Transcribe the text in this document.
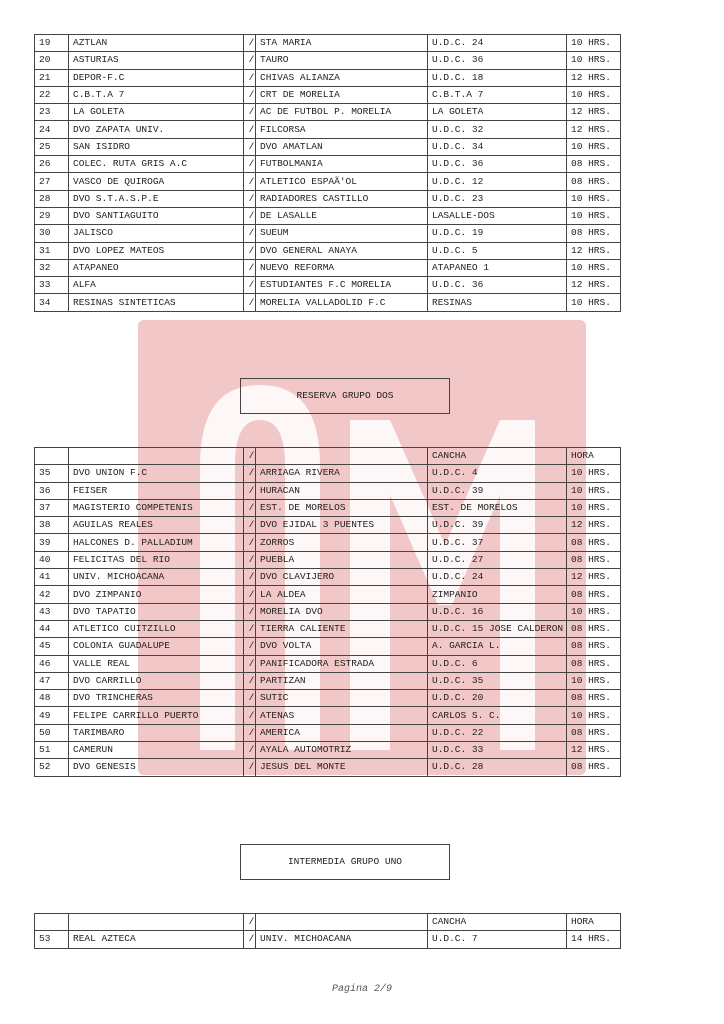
19	AZTLAN	/	STA MARIA	U.D.C. 24	10 HRS.
20	ASTURIAS	/	TAURO	U.D.C. 36	10 HRS.
21	DEPOR-F.C	/	CHIVAS ALIANZA	U.D.C. 18	12 HRS.
22	C.B.T.A 7	/	CRT DE MORELIA	C.B.T.A 7	10 HRS.
23	LA GOLETA	/	AC DE FUTBOL P. MORELIA	LA GOLETA	12 HRS.
24	DVO ZAPATA UNIV.	/	FILCORSA	U.D.C. 32	12 HRS.
25	SAN ISIDRO	/	DVO AMATLAN	U.D.C. 34	10 HRS.
26	COLEC. RUTA GRIS A.C	/	FUTBOLMANIA	U.D.C. 36	08 HRS.
27	VASCO DE QUIROGA	/	ATLETICO ESPAÃ'OL	U.D.C. 12	08 HRS.
28	DVO S.T.A.S.P.E	/	RADIADORES CASTILLO	U.D.C. 23	10 HRS.
29	DVO SANTIAGUITO	/	DE LASALLE	LASALLE-DOS	10 HRS.
30	JALISCO	/	SUEUM	U.D.C. 19	08 HRS.
31	DVO LOPEZ MATEOS	/	DVO GENERAL ANAYA	U.D.C. 5	12 HRS.
32	ATAPANEO	/	NUEVO REFORMA	ATAPANEO 1	10 HRS.
33	ALFA	/	ESTUDIANTES F.C MORELIA	U.D.C. 36	12 HRS.
34	RESINAS SINTETICAS	/	MORELIA VALLADOLID F.C	RESINAS	10 HRS.
RESERVA GRUPO DOS
		/		CANCHA	HORA
35	DVO UNION F.C	/	ARRIAGA RIVERA	U.D.C. 4	10 HRS.
36	FEISER	/	HURACAN	U.D.C. 39	10 HRS.
37	MAGISTERIO COMPETENIS	/	EST. DE MORELOS	EST. DE MORELOS	10 HRS.
38	AGUILAS REALES	/	DVO EJIDAL 3 PUENTES	U.D.C. 39	12 HRS.
39	HALCONES D. PALLADIUM	/	ZORROS	U.D.C. 37	08 HRS.
40	FELICITAS DEL RIO	/	PUEBLA	U.D.C. 27	08 HRS.
41	UNIV. MICHOACANA	/	DVO CLAVIJERO	U.D.C. 24	12 HRS.
42	DVO ZIMPANIO	/	LA ALDEA	ZIMPANIO	08 HRS.
43	DVO TAPATIO	/	MORELIA DVO	U.D.C. 16	10 HRS.
44	ATLETICO CUITZILLO	/	TIERRA CALIENTE	U.D.C. 15 JOSE CALDERON	08 HRS.
45	COLONIA GUADALUPE	/	DVO VOLTA	A. GARCIA L.	08 HRS.
46	VALLE REAL	/	PANIFICADORA ESTRADA	U.D.C. 6	08 HRS.
47	DVO CARRILLO	/	PARTIZAN	U.D.C. 35	10 HRS.
48	DVO TRINCHERAS	/	SUTIC	U.D.C. 20	08 HRS.
49	FELIPE CARRILLO PUERTO	/	ATENAS	CARLOS S. C.	10 HRS.
50	TARIMBARO	/	AMERICA	U.D.C. 22	08 HRS.
51	CAMERUN	/	AYALA AUTOMOTRIZ	U.D.C. 33	12 HRS.
52	DVO GENESIS	/	JESUS DEL MONTE	U.D.C. 28	08 HRS.
INTERMEDIA GRUPO UNO
		/		CANCHA	HORA
53	REAL AZTECA	/	UNIV. MICHOACANA	U.D.C. 7	14 HRS.
Pagina 2/9
